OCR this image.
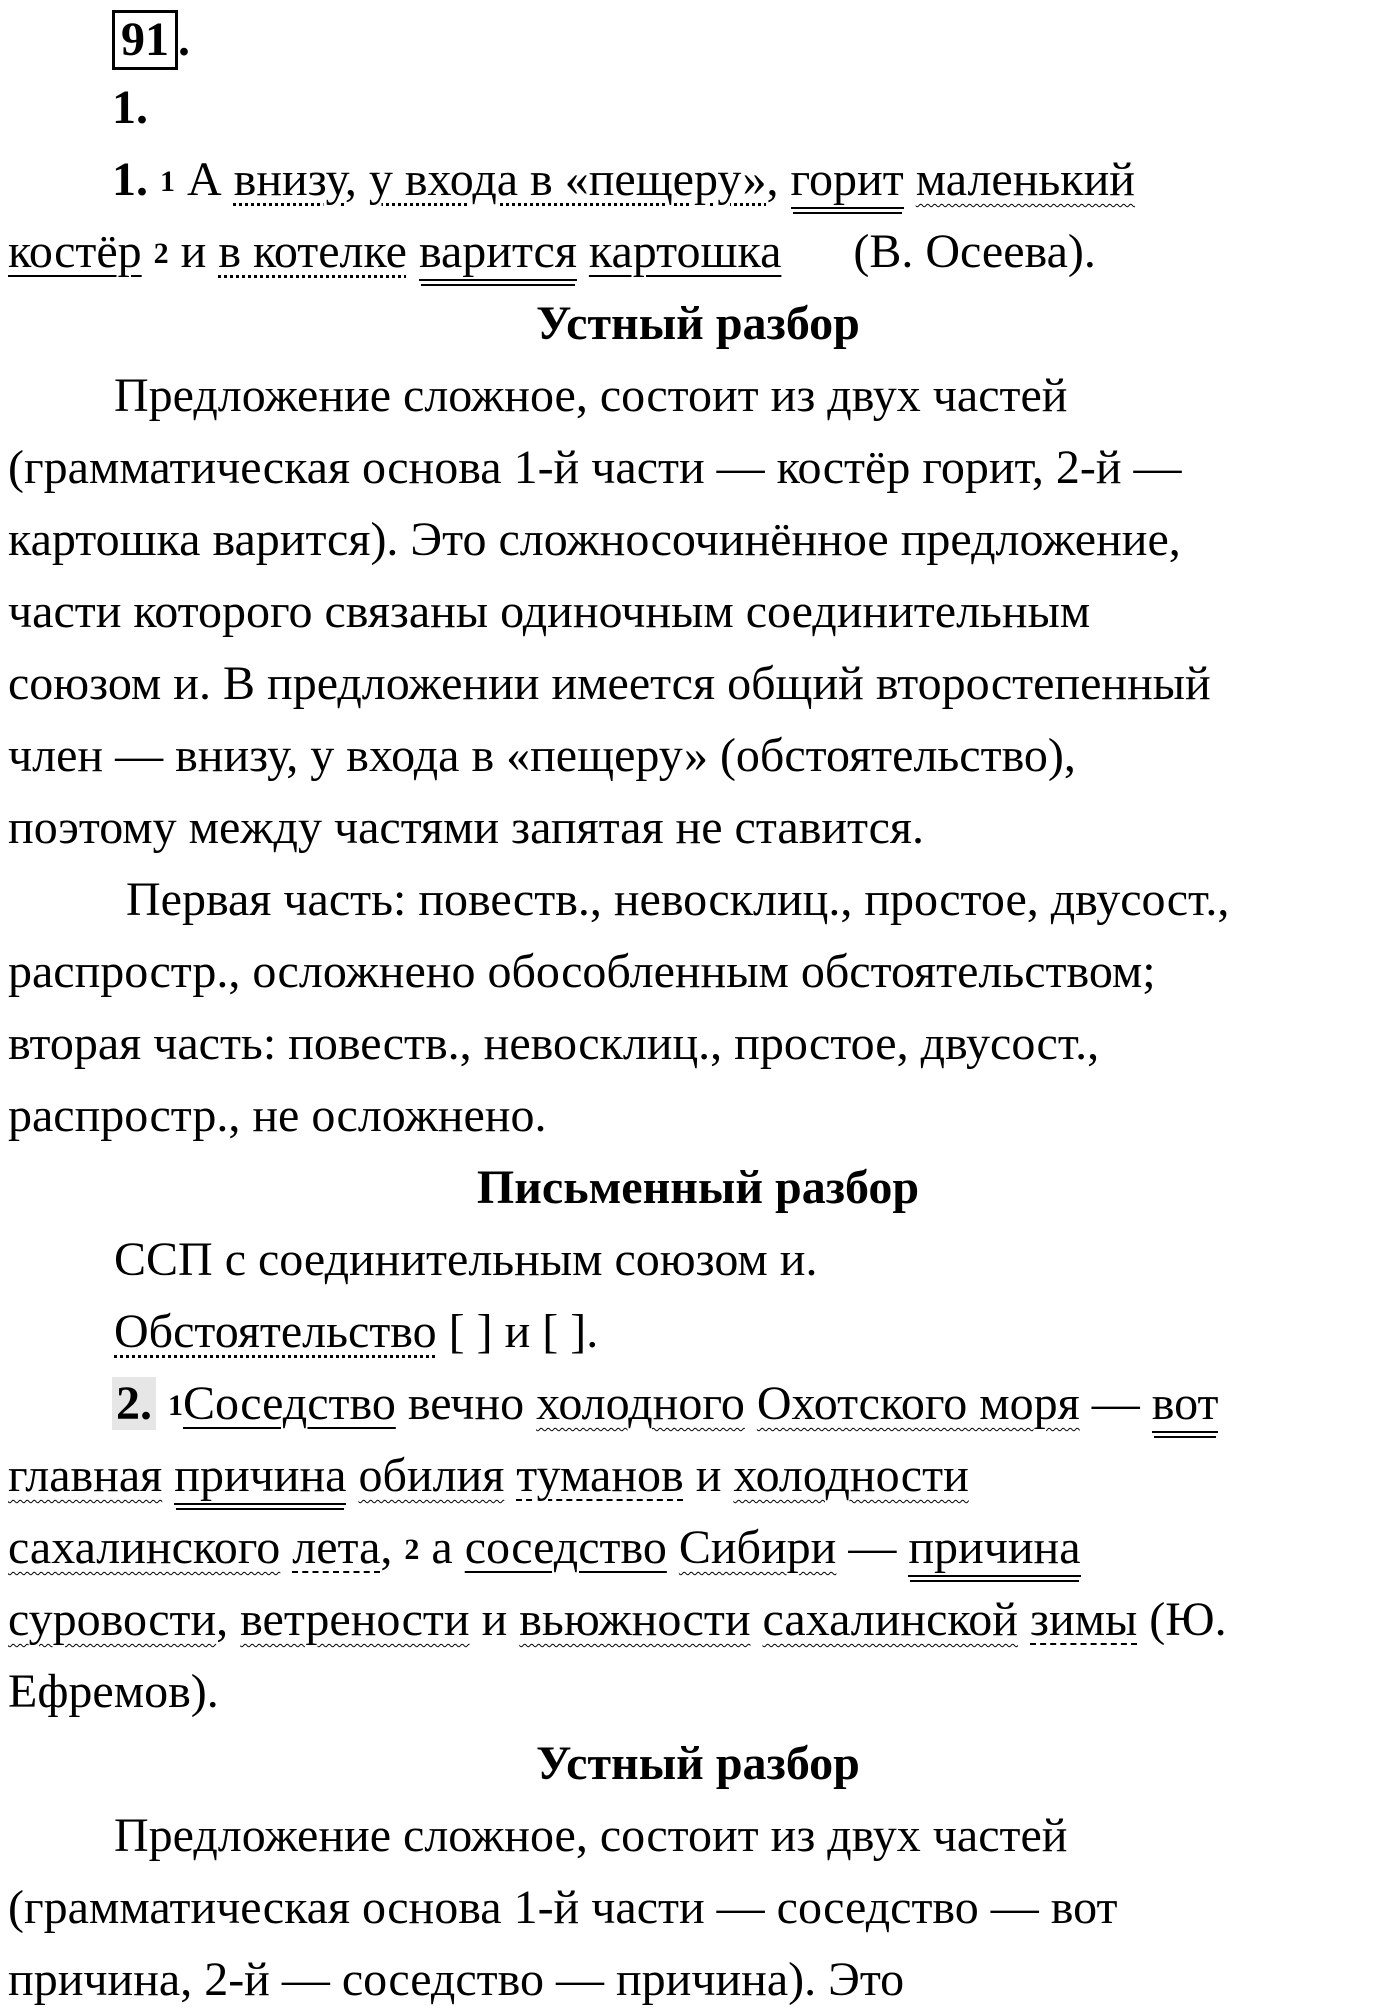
91 .
1.
1. 1 А внизу, у входа в «пещеру», горит маленький
костёр 2 и в котелке варится картошка (В. Осеева).
Устный разбор
Предложение сложное, состоит из двух частей
(грамматическая основа 1-й части — костёр горит, 2-й —
картошка варится). Это сложносочинённое предложение,
части которого связаны одиночным соединительным
союзом и. В предложении имеется общий второстепенный
член — внизу, у входа в «пещеру» (обстоятельство),
поэтому между частями запятая не ставится.
Первая часть: повеств., невосклиц., простое, двусост.,
распростр., осложнено обособленным обстоятельством;
вторая часть: повеств., невосклиц., простое, двусост.,
распростр., не осложнено.
Письменный разбор
ССП с соединительным союзом и.
Обстоятельство [ ] и [ ].
2. 1Соседство вечно холодного Охотского моря — вот
главная причина обилия туманов и холодности
сахалинского лета, 2 а соседство Сибири — причина
суровости, ветрености и вьюжности сахалинской зимы (Ю.
Ефремов).
Устный разбор
Предложение сложное, состоит из двух частей
(грамматическая основа 1-й части — соседство — вот
причина, 2-й — соседство — причина). Это
